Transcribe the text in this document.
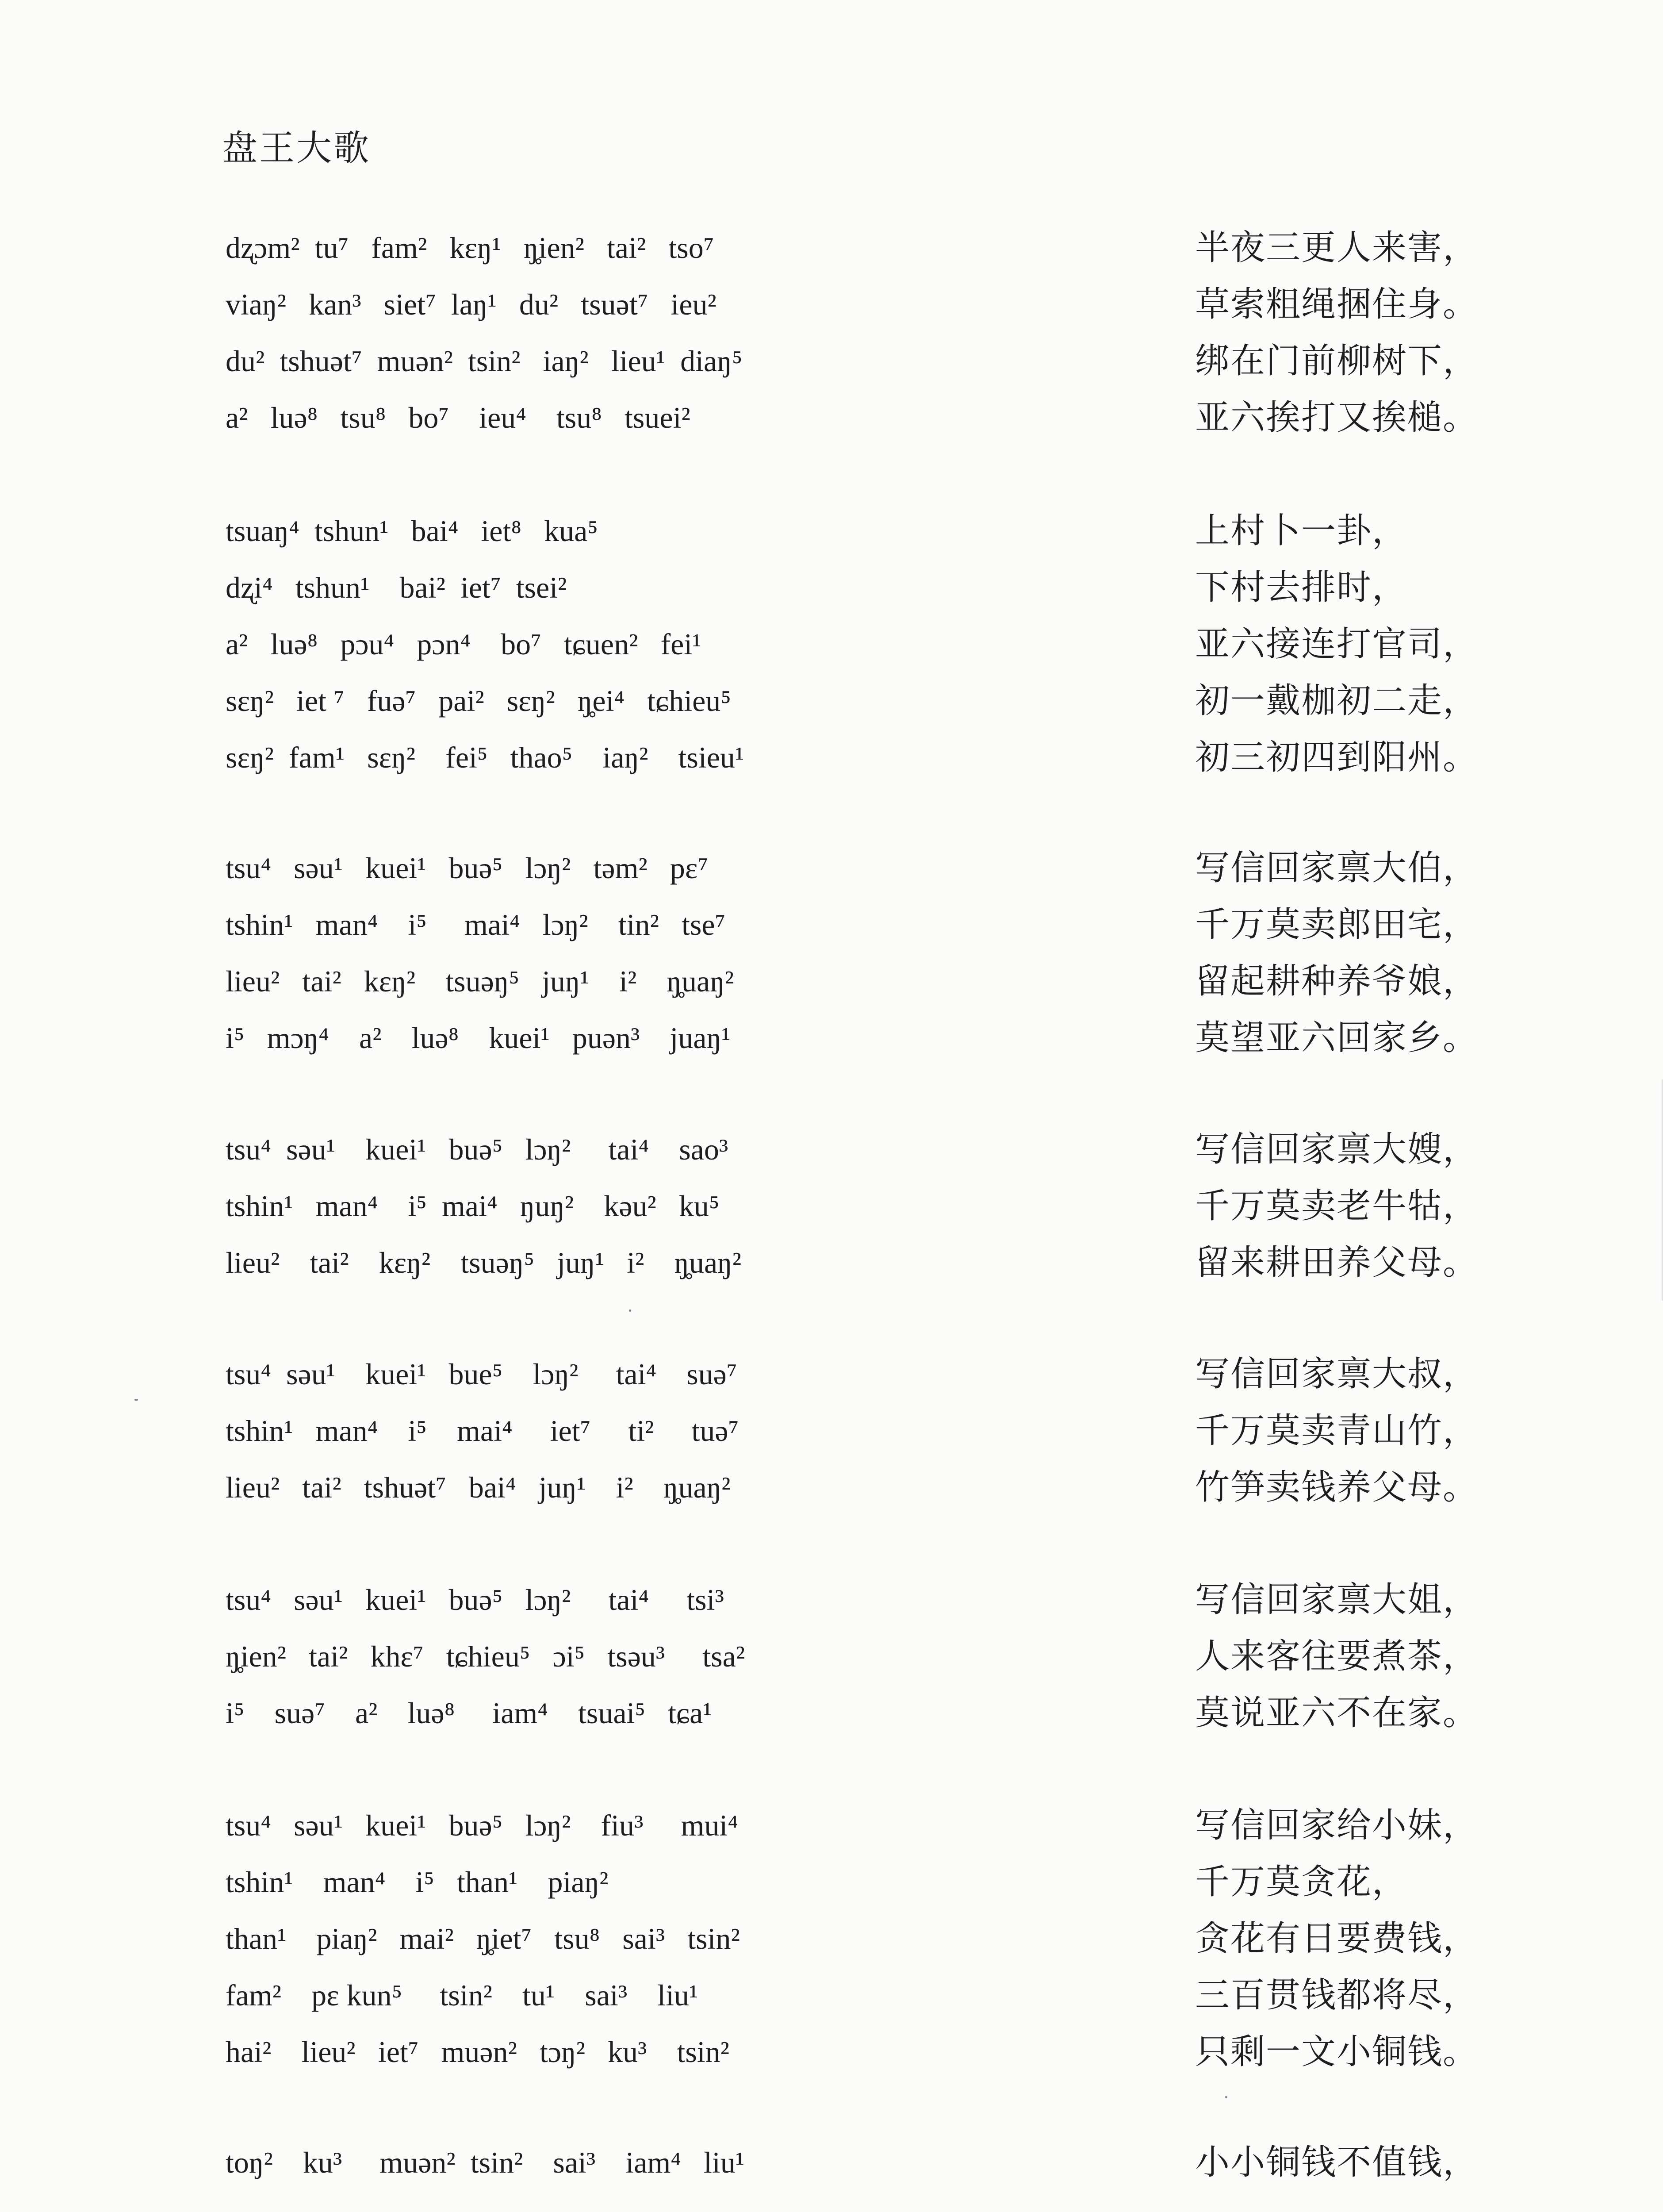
盘王大歌
dʐɔm²  tu⁷   fam²   kɛŋ¹   ŋ̥ien²   tai²   tso⁷	半夜三更人来害，
viaŋ²   kan³   siet⁷  laŋ¹   du²   tsuət⁷   ieu²	草索粗绳捆住身。
du²  tshuət⁷  muən²  tsin²   iaŋ²   lieu¹  diaŋ⁵	绑在门前柳树下，
a²   luə⁸   tsu⁸   bo⁷    ieu⁴    tsu⁸   tsuei²	亚六挨打又挨槌。
tsuaŋ⁴  tshun¹   bai⁴   iet⁸   kua⁵	上村卜一卦，
dʐi⁴   tshun¹    bai²  iet⁷  tsei²	下村去排时，
a²   luə⁸   pɔu⁴   pɔn⁴    bo⁷   tɕuen²   fei¹	亚六接连打官司，
sɛŋ²   iet ⁷   fuə⁷   pai²   sɛŋ²   ŋ̥ei⁴   tɕhieu⁵	初一戴枷初二走，
sɛŋ²  fam¹   sɛŋ²    fei⁵   thao⁵    iaŋ²    tsieu¹	初三初四到阳州。
tsu⁴   səu¹   kuei¹   buə⁵   lɔŋ²   təm²   pɛ⁷	写信回家禀大伯，
tshin¹   man⁴    i⁵     mai⁴   lɔŋ²    tin²   tse⁷	千万莫卖郎田宅，
lieu²   tai²   kɛŋ²    tsuəŋ⁵   juŋ¹    i²    ŋ̥uaŋ²	留起耕种养爷娘，
i⁵   mɔŋ⁴    a²    luə⁸    kuei¹   puən³    juaŋ¹	莫望亚六回家乡。
tsu⁴  səu¹    kuei¹   buə⁵   lɔŋ²     tai⁴    sao³	写信回家禀大嫂，
tshin¹   man⁴    i⁵  mai⁴   ŋuŋ²    kəu²   ku⁵	千万莫卖老牛牯，
lieu²    tai²    kɛŋ²    tsuəŋ⁵   juŋ¹   i²    ŋ̥uaŋ²	留来耕田养父母。
tsu⁴  səu¹    kuei¹   bue⁵    lɔŋ²     tai⁴    suə⁷	写信回家禀大叔，
tshin¹   man⁴    i⁵    mai⁴     iet⁷     ti²     tuə⁷	千万莫卖青山竹，
lieu²   tai²   tshuət⁷   bai⁴   juŋ¹    i²    ŋ̥uaŋ²	竹笋卖钱养父母。
tsu⁴   səu¹   kuei¹   buə⁵   lɔŋ²     tai⁴     tsi³	写信回家禀大姐，
ŋ̥ien²   tai²   khɛ⁷   tɕhieu⁵   ɔi⁵   tsəu³     tsa²	人来客往要煮茶，
i⁵    suə⁷    a²    luə⁸     iam⁴    tsuai⁵   tɕa¹	莫说亚六不在家。
tsu⁴   səu¹   kuei¹   buə⁵   lɔŋ²    fiu³     mui⁴	写信回家给小妹，
tshin¹    man⁴    i⁵   than¹    piaŋ²	千万莫贪花，
than¹    piaŋ²   mai²   ŋ̥iet⁷   tsu⁸   sai³   tsin²	贪花有日要费钱，
fam²    pɛ kun⁵     tsin²    tu¹    sai³    liu¹	三百贯钱都将尽，
hai²    lieu²   iet⁷   muən²   tɔŋ²   ku³    tsin²	只剩一文小铜钱。
toŋ²    ku³     muən²  tsin²    sai³    iam⁴   liu¹	小小铜钱不值钱，
